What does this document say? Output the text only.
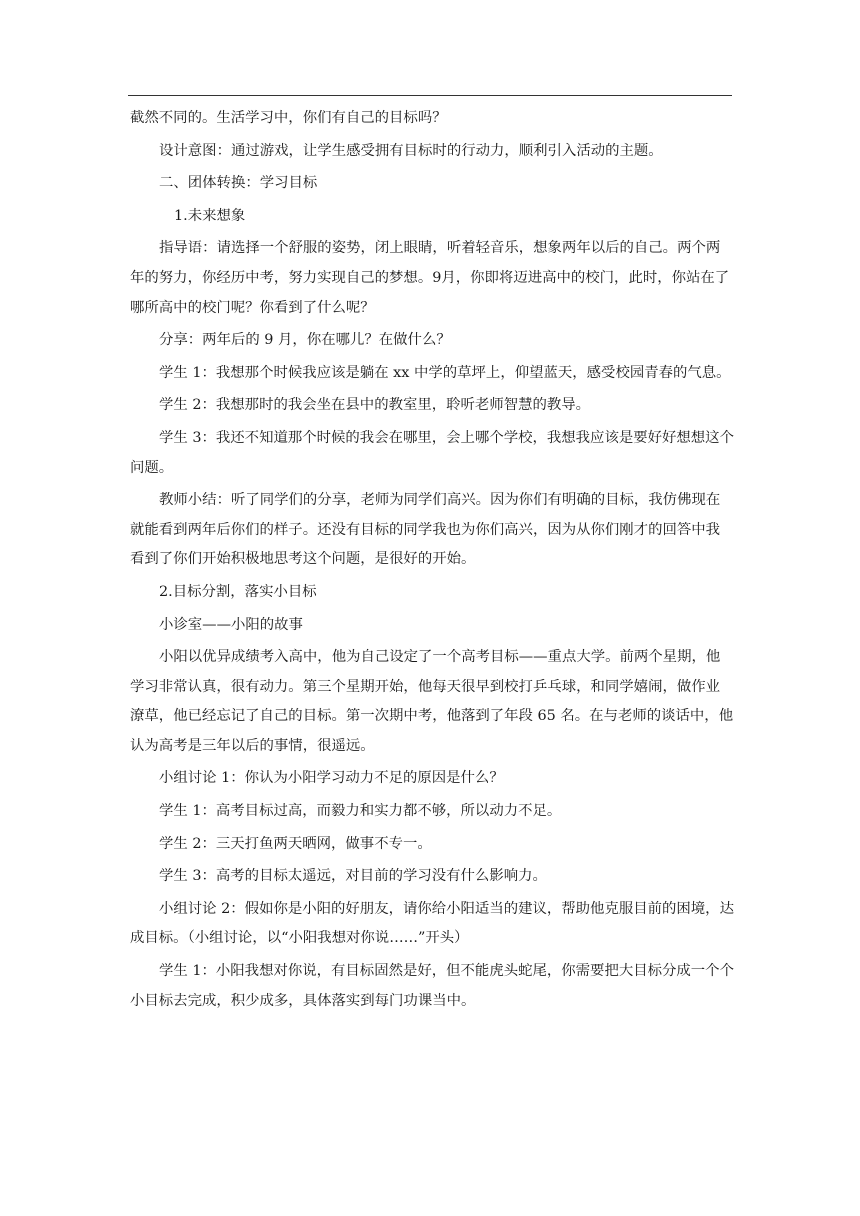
截然不同的。生活学习中，你们有自己的目标吗？

设计意图：通过游戏，让学生感受拥有目标时的行动力，顺利引入活动的主题。

二、团体转换：学习目标

1.未来想象

指导语：请选择一个舒服的姿势，闭上眼睛，听着轻音乐，想象两年以后的自己。两个两年的努力，你经历中考，努力实现自己的梦想。9月，你即将迈进高中的校门，此时，你站在了哪所高中的校门呢？你看到了什么呢？

分享：两年后的 9 月，你在哪儿？在做什么？

学生 1：我想那个时候我应该是躺在 xx 中学的草坪上，仰望蓝天，感受校园青春的气息。

学生 2：我想那时的我会坐在县中的教室里，聆听老师智慧的教导。

学生 3：我还不知道那个时候的我会在哪里，会上哪个学校，我想我应该是要好好想想这个问题。

教师小结：听了同学们的分享，老师为同学们高兴。因为你们有明确的目标，我仿佛现在就能看到两年后你们的样子。还没有目标的同学我也为你们高兴，因为从你们刚才的回答中我看到了你们开始积极地思考这个问题，是很好的开始。

2.目标分割，落实小目标

小诊室——小阳的故事

小阳以优异成绩考入高中，他为自己设定了一个高考目标——重点大学。前两个星期，他学习非常认真，很有动力。第三个星期开始，他每天很早到校打乒乓球，和同学嬉闹，做作业潦草，他已经忘记了自己的目标。第一次期中考，他落到了年段 65 名。在与老师的谈话中，他认为高考是三年以后的事情，很遥远。

小组讨论 1：你认为小阳学习动力不足的原因是什么？

学生 1：高考目标过高，而毅力和实力都不够，所以动力不足。

学生 2：三天打鱼两天晒网，做事不专一。

学生 3：高考的目标太遥远，对目前的学习没有什么影响力。

小组讨论 2：假如你是小阳的好朋友，请你给小阳适当的建议，帮助他克服目前的困境，达成目标。（小组讨论，以“小阳我想对你说……”开头）

学生 1：小阳我想对你说，有目标固然是好，但不能虎头蛇尾，你需要把大目标分成一个个小目标去完成，积少成多，具体落实到每门功课当中。
